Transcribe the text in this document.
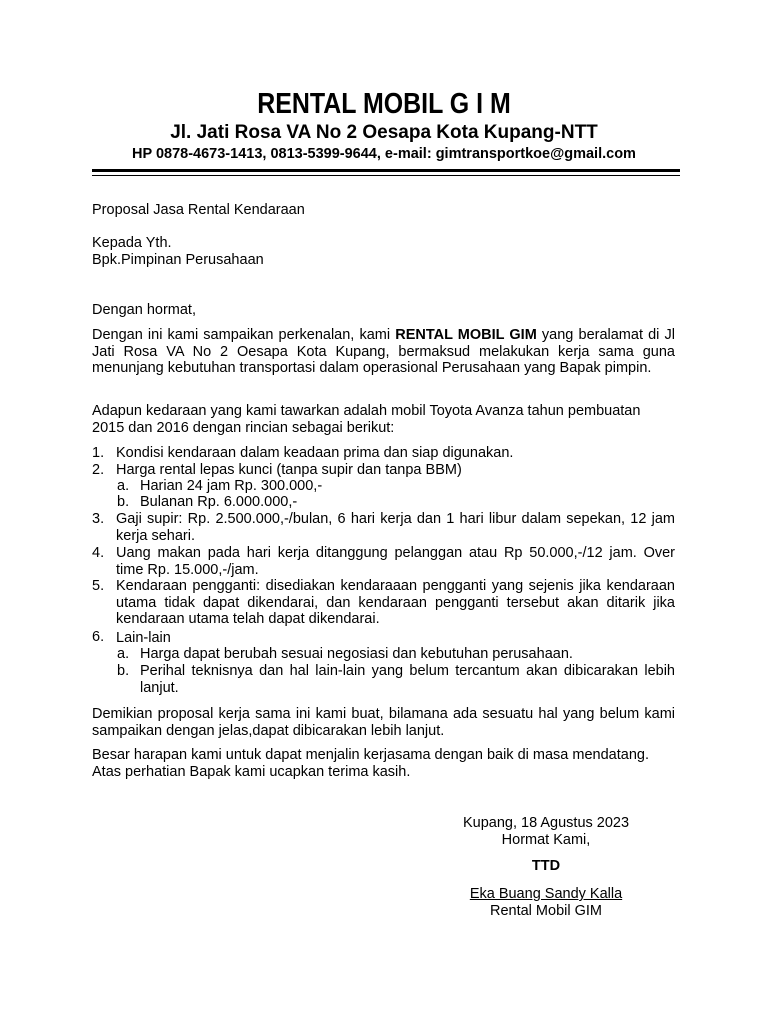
RENTAL MOBIL G I M
Jl. Jati Rosa VA No 2 Oesapa Kota Kupang-NTT
HP 0878-4673-1413, 0813-5399-9644, e-mail: gimtransportkoe@gmail.com
Proposal Jasa Rental Kendaraan
Kepada Yth.
Bpk.Pimpinan Perusahaan
Dengan hormat,
Dengan ini kami sampaikan perkenalan, kami RENTAL MOBIL GIM yang beralamat di Jl Jati Rosa VA No 2 Oesapa Kota Kupang, bermaksud melakukan kerja sama guna menunjang kebutuhan transportasi dalam operasional Perusahaan yang Bapak pimpin.
Adapun kedaraan yang kami tawarkan adalah mobil Toyota Avanza tahun pembuatan
2015 dan 2016 dengan rincian sebagai berikut:
1. Kondisi kendaraan dalam keadaan prima dan siap digunakan.
2. Harga rental lepas kunci (tanpa supir dan tanpa BBM)
a. Harian 24 jam Rp. 300.000,-
b. Bulanan Rp. 6.000.000,-
3. Gaji supir: Rp. 2.500.000,-/bulan, 6 hari kerja dan 1 hari libur dalam sepekan, 12 jam kerja sehari.
4. Uang makan pada hari kerja ditanggung pelanggan atau Rp 50.000,-/12 jam. Over time Rp. 15.000,-/jam.
5. Kendaraan pengganti: disediakan kendaraaan pengganti yang sejenis jika kendaraan utama tidak dapat dikendarai, dan kendaraan pengganti tersebut akan ditarik jika kendaraan utama telah dapat dikendarai.
6. Lain-lain
a. Harga dapat berubah sesuai negosiasi dan kebutuhan perusahaan.
b. Perihal teknisnya dan hal lain-lain yang belum tercantum akan dibicarakan lebih lanjut.
Demikian proposal kerja sama ini kami buat, bilamana ada sesuatu hal yang belum kami sampaikan dengan jelas,dapat dibicarakan lebih lanjut.
Besar harapan kami untuk dapat menjalin kerjasama dengan baik di masa mendatang.
Atas perhatian Bapak kami ucapkan terima kasih.
Kupang, 18 Agustus 2023
Hormat Kami,
TTD
Eka Buang Sandy Kalla
Rental Mobil GIM
